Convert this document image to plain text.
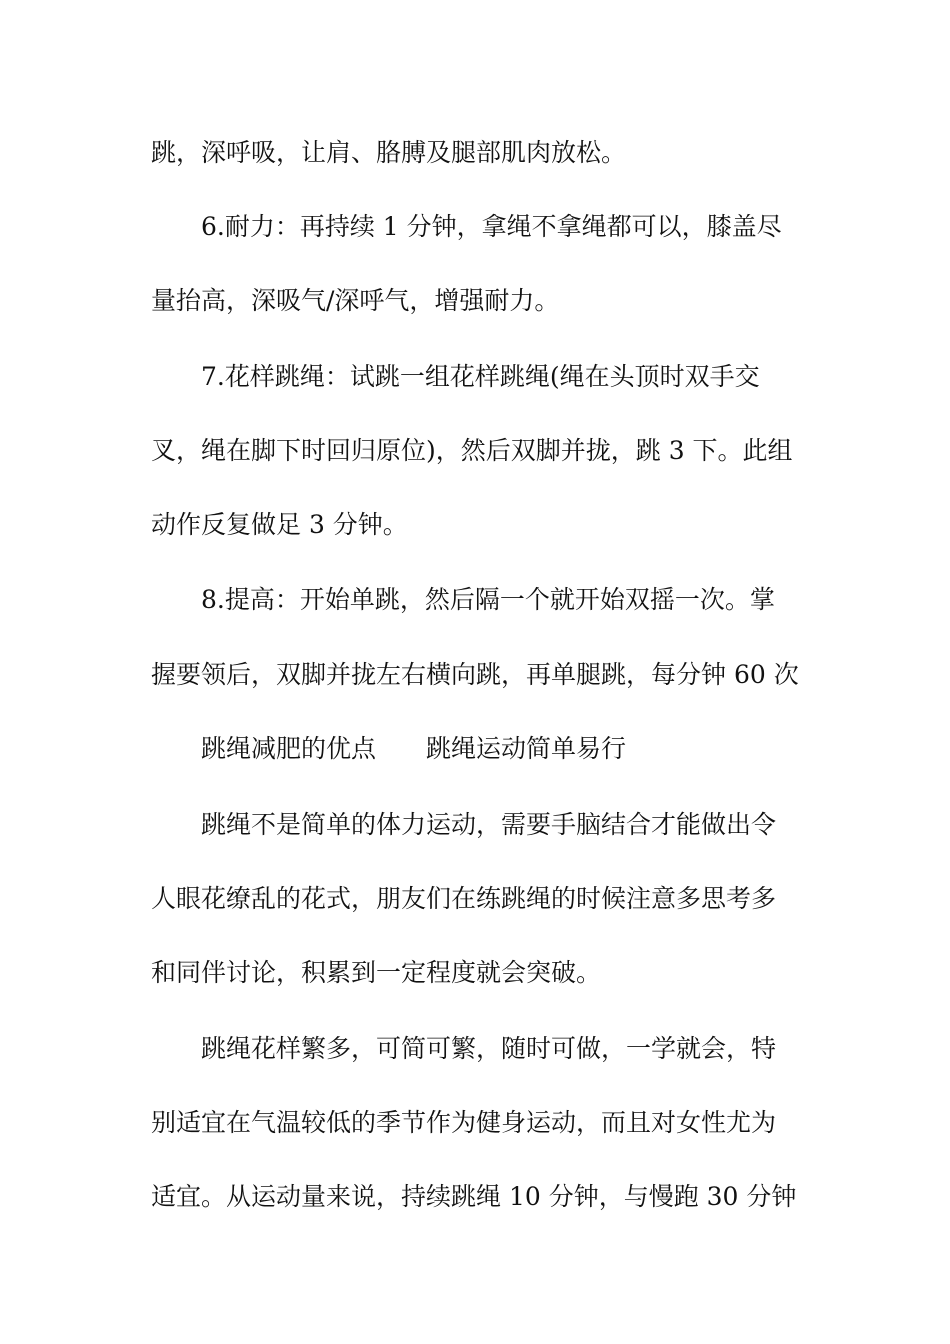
跳，深呼吸，让肩、胳膊及腿部肌肉放松。
6.耐力：再持续 1 分钟，拿绳不拿绳都可以，膝盖尽
量抬高，深吸气/深呼气，增强耐力。
7.花样跳绳：试跳一组花样跳绳(绳在头顶时双手交
叉，绳在脚下时回归原位)，然后双脚并拢，跳 3 下。此组
动作反复做足 3 分钟。
8.提高：开始单跳，然后隔一个就开始双摇一次。掌
握要领后，双脚并拢左右横向跳，再单腿跳，每分钟 60 次
跳绳减肥的优点 跳绳运动简单易行
跳绳不是简单的体力运动，需要手脑结合才能做出令
人眼花缭乱的花式，朋友们在练跳绳的时候注意多思考多
和同伴讨论，积累到一定程度就会突破。
跳绳花样繁多，可简可繁，随时可做，一学就会，特
别适宜在气温较低的季节作为健身运动，而且对女性尤为
适宜。从运动量来说，持续跳绳 10 分钟，与慢跑 30 分钟
